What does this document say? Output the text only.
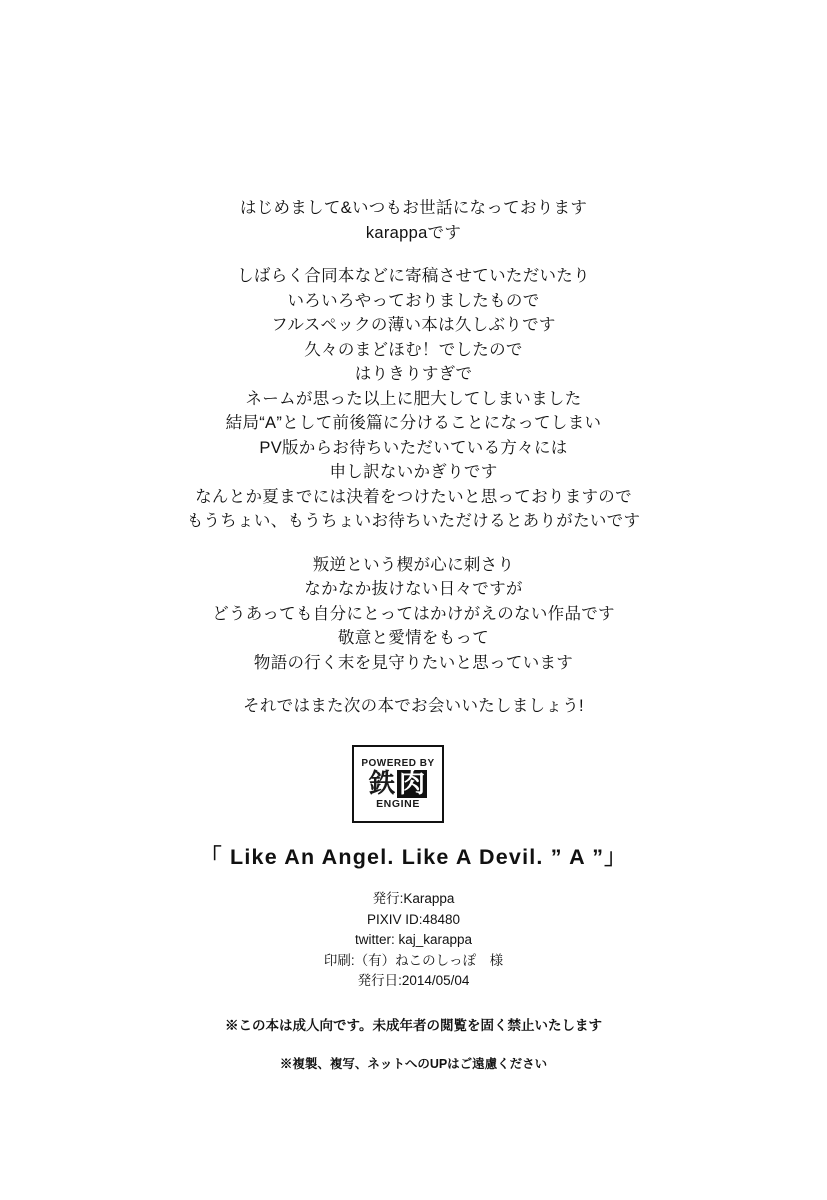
はじめまして&いつもお世話になっております
karappaです

しばらく合同本などに寄稿させていただいたり
いろいろやっておりましたもので
フルスペックの薄い本は久しぶりです
久々のまどほむ！でしたので
はりきりすぎで
ネームが思った以上に肥大してしまいました
結局“A”として前後篇に分けることになってしまい
PV版からお待ちいただいている方々には
申し訳ないかぎりです
なんとか夏までには決着をつけたいと思っておりますので
もうちょい、もうちょいお待ちいただけるとありがたいです

叛逆という楔が心に刺さり
なかなか抜けない日々ですが
どうあっても自分にとってはかけがえのない作品です
敬意と愛情をもって
物語の行く末を見守りたいと思っています

それではまた次の本でお会いいたしましょう!

POWERED BY
鉄 肉
ENGINE
「 Like An Angel. Like A Devil. ” A ”」
発行:Karappa
PIXIV ID:48480
twitter: kaj_karappa
印刷:（有）ねこのしっぽ　様
発行日:2014/05/04
※この本は成人向です。未成年者の閲覧を固く禁止いたします
※複製、複写、ネットへのUPはご遠慮ください
